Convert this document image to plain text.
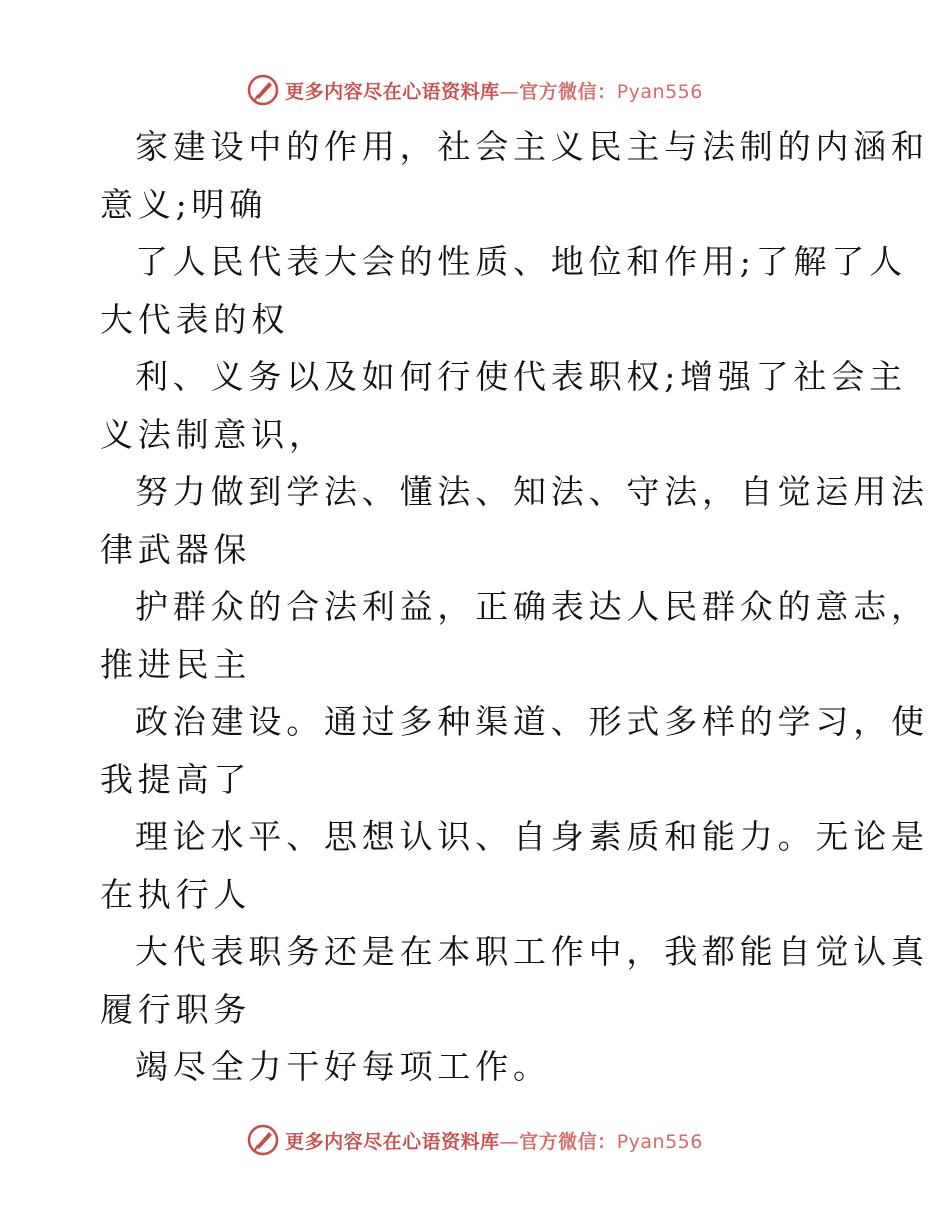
更多内容尽在心语资料库—官方微信：Pyan556
家建设中的作用，社会主义民主与法制的内涵和
意义;明确
了人民代表大会的性质、地位和作用;了解了人
大代表的权
利、义务以及如何行使代表职权;增强了社会主
义法制意识，
努力做到学法、懂法、知法、守法，自觉运用法
律武器保
护群众的合法利益，正确表达人民群众的意志，
推进民主
政治建设。通过多种渠道、形式多样的学习，使
我提高了
理论水平、思想认识、自身素质和能力。无论是
在执行人
大代表职务还是在本职工作中，我都能自觉认真
履行职务
竭尽全力干好每项工作。
更多内容尽在心语资料库—官方微信：Pyan556
